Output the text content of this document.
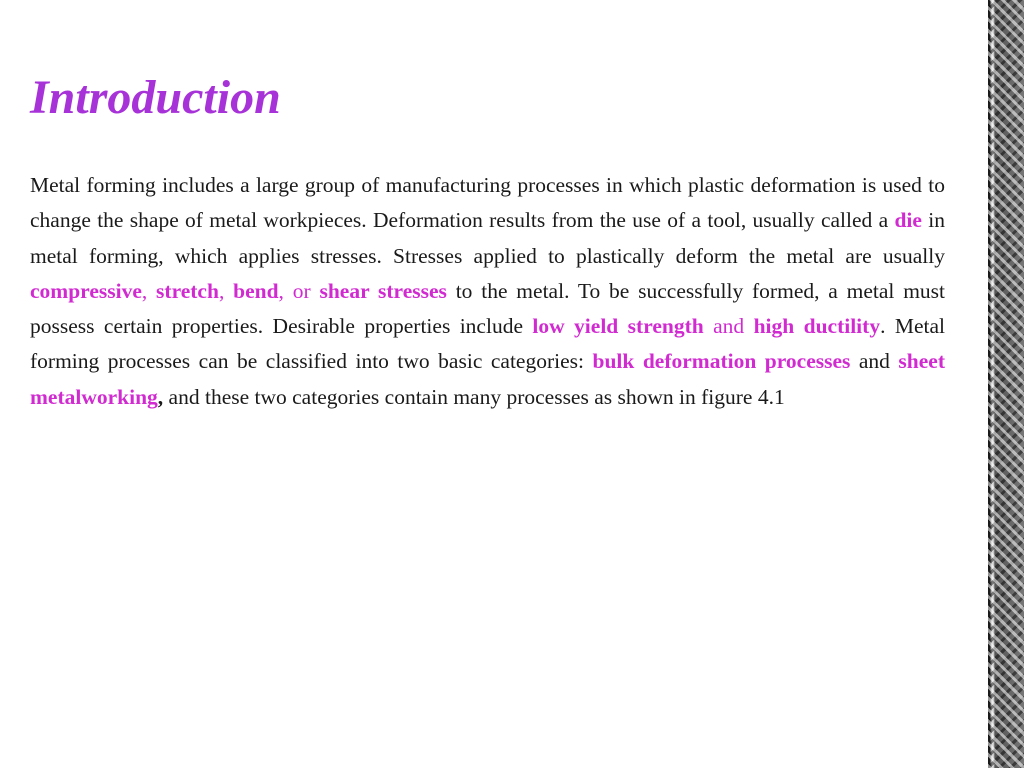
Introduction

Metal forming includes a large group of manufacturing processes in which plastic deformation is used to change the shape of metal workpieces. Deformation results from the use of a tool, usually called a die in metal forming, which applies stresses. Stresses applied to plastically deform the metal are usually compressive, stretch, bend, or shear stresses to the metal. To be successfully formed, a metal must possess certain properties. Desirable properties include low yield strength and high ductility. Metal forming processes can be classified into two basic categories: bulk deformation processes and sheet metalworking, and these two categories contain many processes as shown in figure 4.1
